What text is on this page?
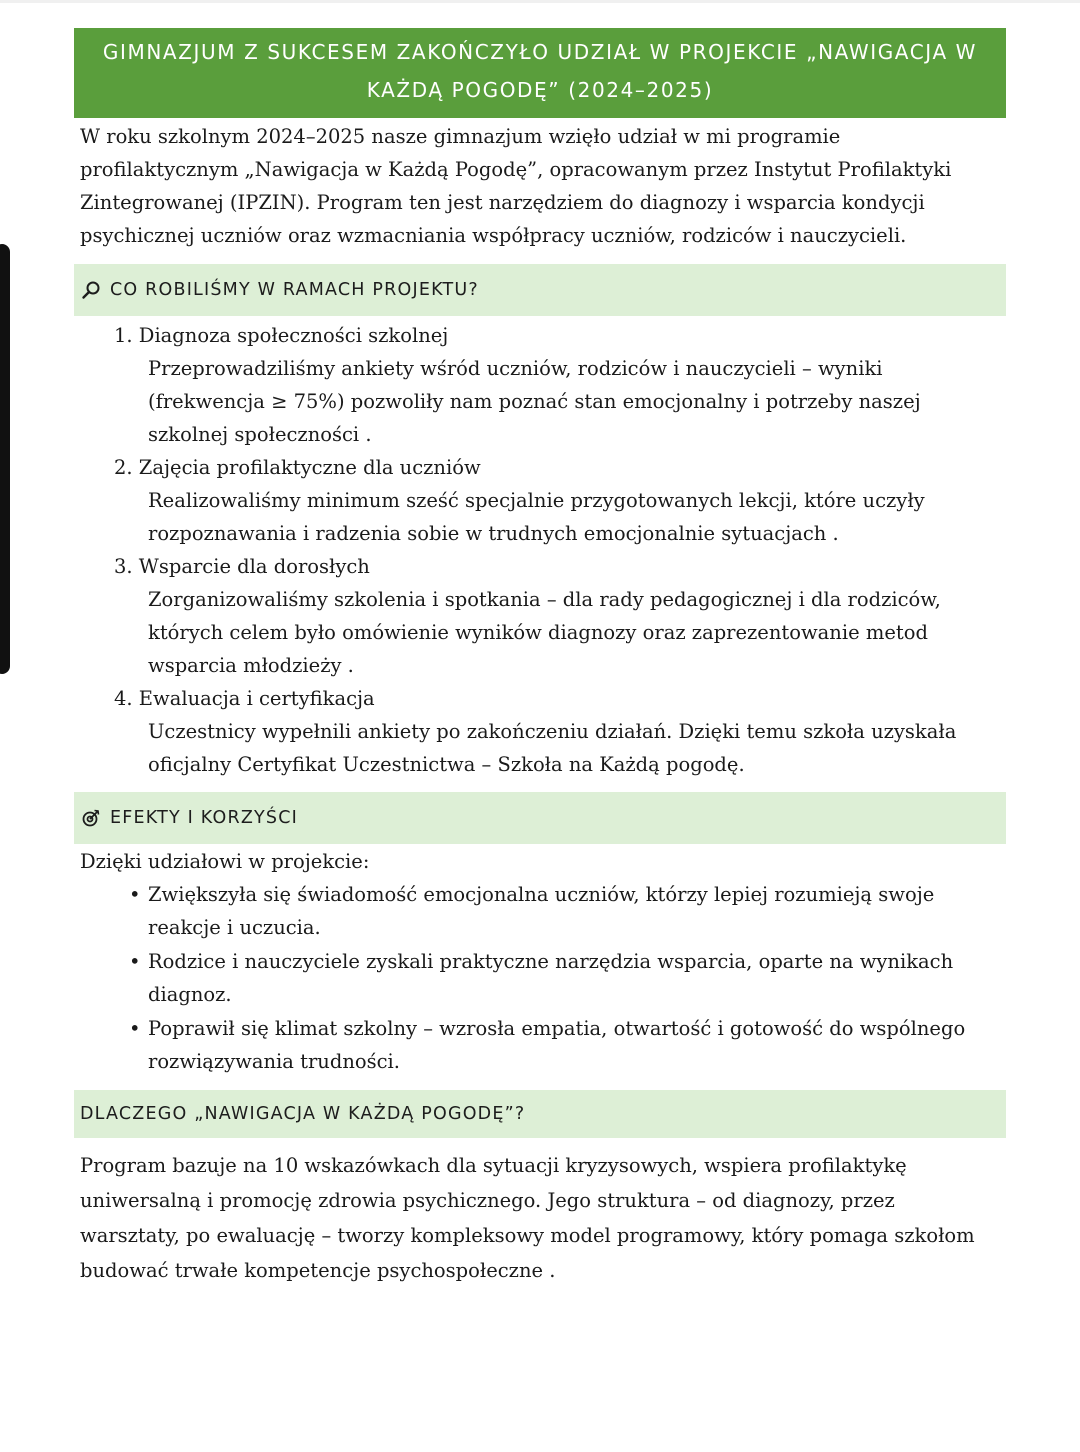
GIMNAZJUM Z SUKCESEM ZAKOŃCZYŁO UDZIAŁ W PROJEKCIE „NAWIGACJA W
KAŻDĄ POGODĘ” (2024–2025)

W roku szkolnym 2024–2025 nasze gimnazjum wzięło udział w mi programie profilaktycznym „Nawigacja w Każdą Pogodę”, opracowanym przez Instytut Profilaktyki Zintegrowanej (IPZIN). Program ten jest narzędziem do diagnozy i wsparcia kondycji psychicznej uczniów oraz wzmacniania współpracy uczniów, rodziców i nauczycieli.

CO ROBILIŚMY W RAMACH PROJEKTU?
1. Diagnoza społeczności szkolnej
Przeprowadziliśmy ankiety wśród uczniów, rodziców i nauczycieli – wyniki (frekwencja ≥ 75%) pozwoliły nam poznać stan emocjonalny i potrzeby naszej szkolnej społeczności .
2. Zajęcia profilaktyczne dla uczniów
Realizowaliśmy minimum sześć specjalnie przygotowanych lekcji, które uczyły rozpoznawania i radzenia sobie w trudnych emocjonalnie sytuacjach .
3. Wsparcie dla dorosłych
Zorganizowaliśmy szkolenia i spotkania – dla rady pedagogicznej i dla rodziców, których celem było omówienie wyników diagnozy oraz zaprezentowanie metod wsparcia młodzieży .
4. Ewaluacja i certyfikacja
Uczestnicy wypełnili ankiety po zakończeniu działań. Dzięki temu szkoła uzyskała oficjalny Certyfikat Uczestnictwa – Szkoła na Każdą pogodę.
EFEKTY I KORZYŚCI

Dzięki udziałowi w projekcie:

• Zwiększyła się świadomość emocjonalna uczniów, którzy lepiej rozumieją swoje reakcje i uczucia.
• Rodzice i nauczyciele zyskali praktyczne narzędzia wsparcia, oparte na wynikach diagnoz.
• Poprawił się klimat szkolny – wzrosła empatia, otwartość i gotowość do wspólnego rozwiązywania trudności.
DLACZEGO „NAWIGACJA W KAŻDĄ POGODĘ”?

Program bazuje na 10 wskazówkach dla sytuacji kryzysowych, wspiera profilaktykę uniwersalną i promocję zdrowia psychicznego. Jego struktura – od diagnozy, przez warsztaty, po ewaluację – tworzy kompleksowy model programowy, który pomaga szkołom budować trwałe kompetencje psychospołeczne .
